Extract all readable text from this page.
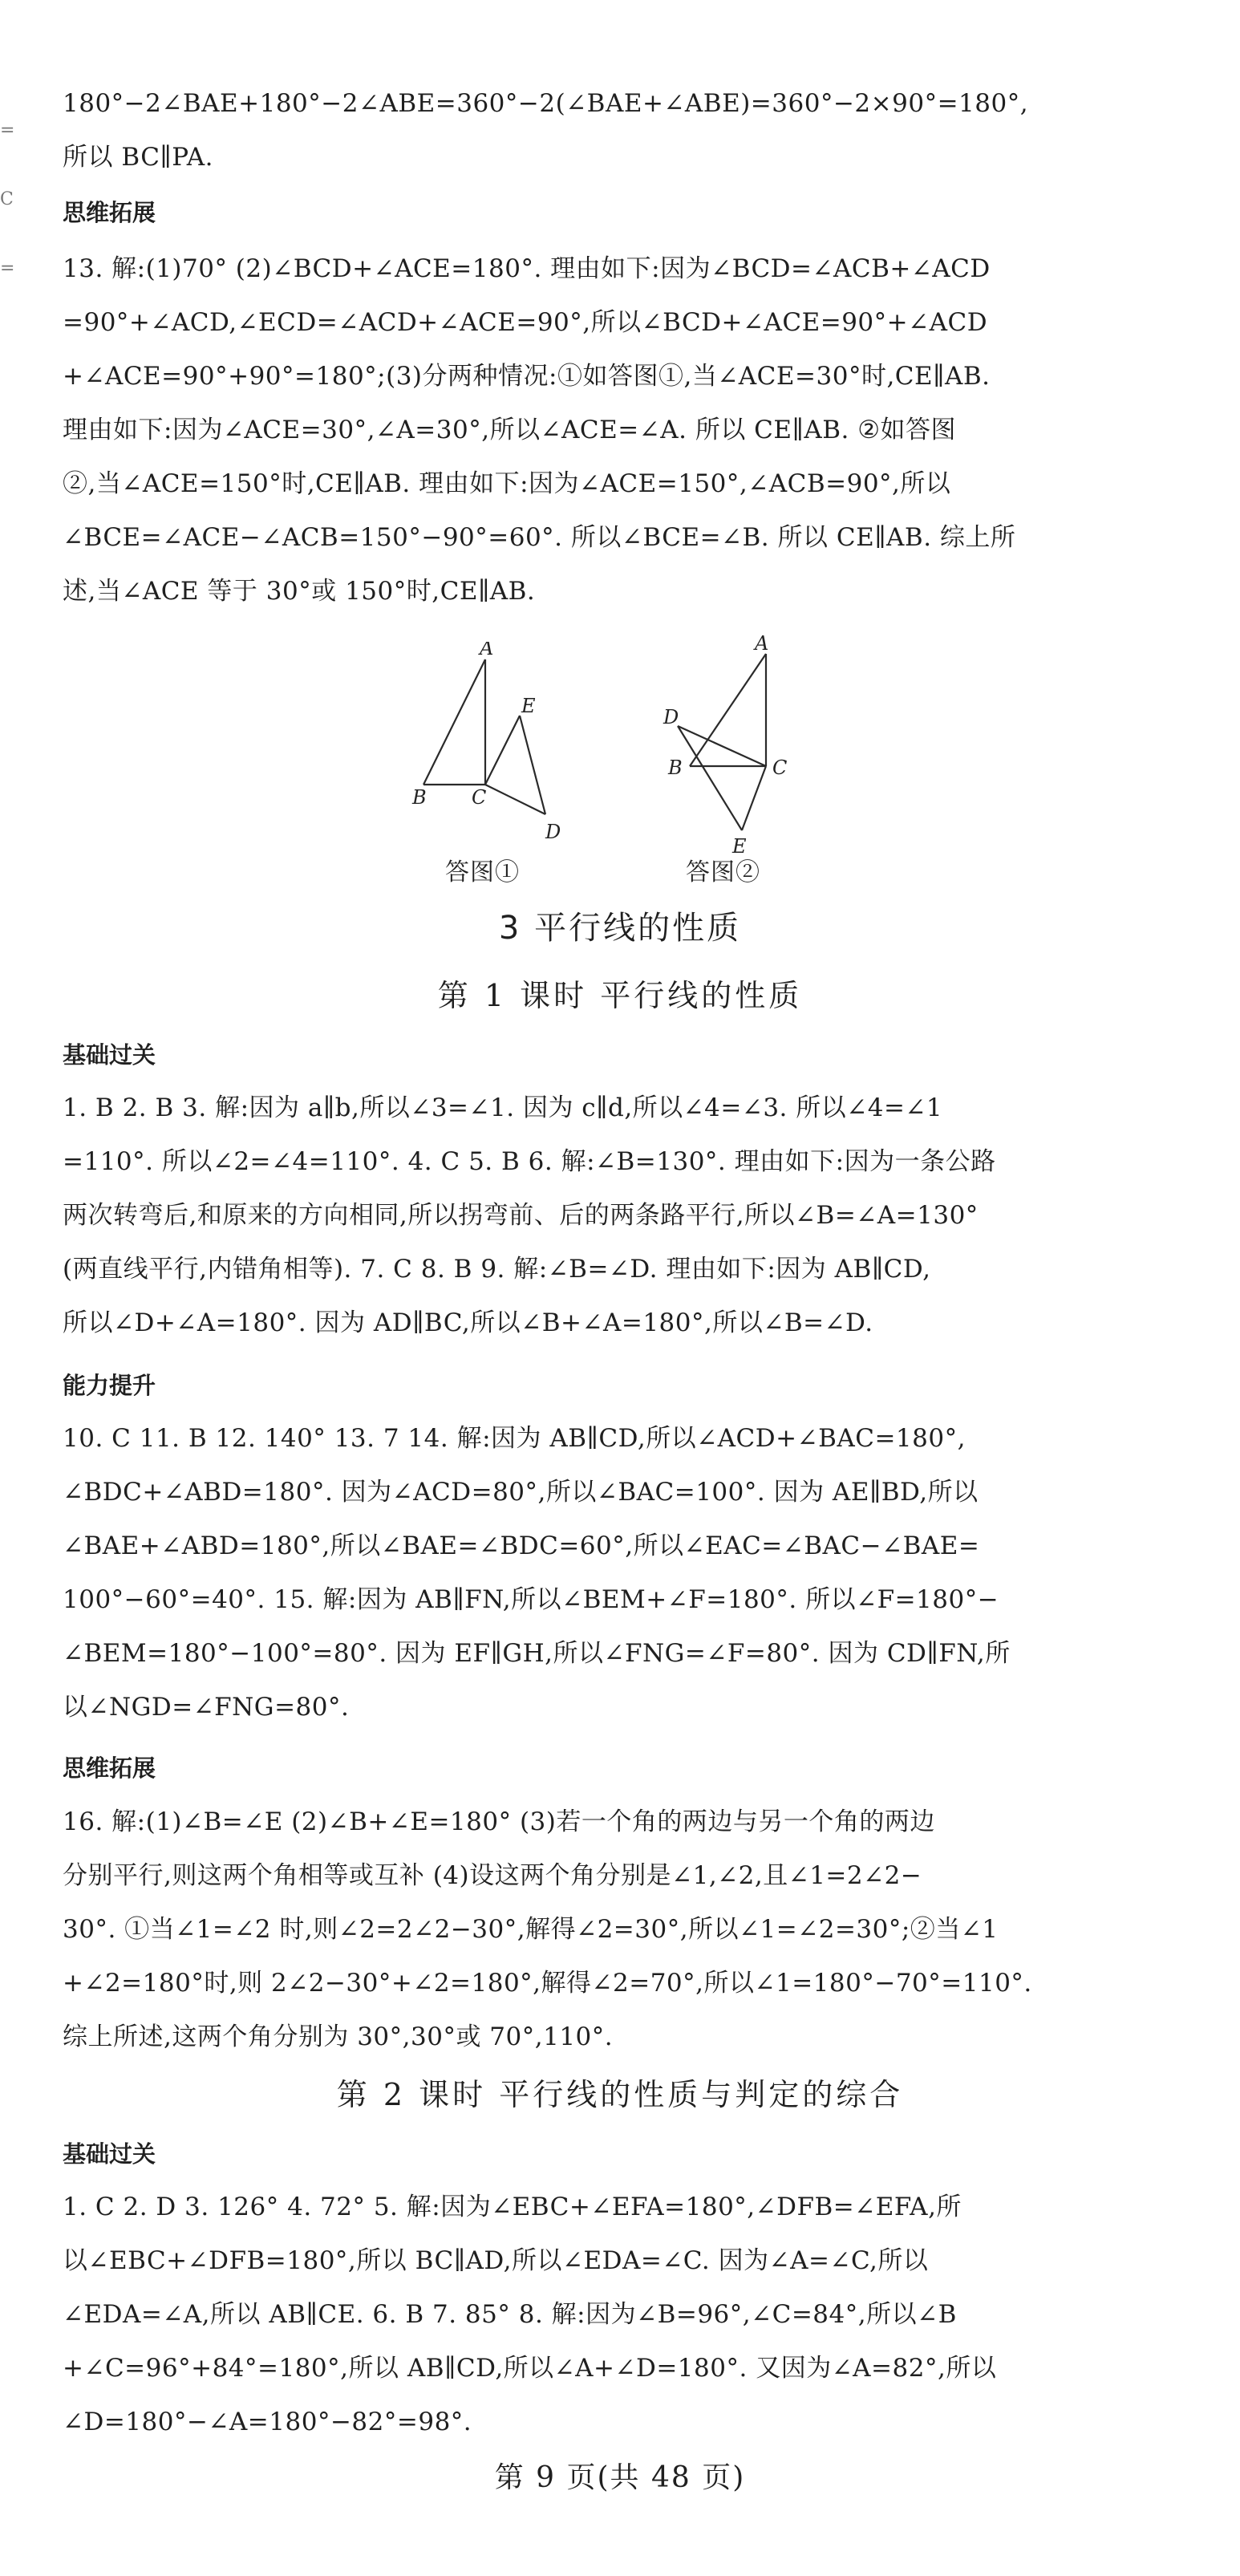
=
C
=
180°−2∠BAE+180°−2∠ABE=360°−2(∠BAE+∠ABE)=360°−2×90°=180°,
所以 BC∥PA.
思维拓展
13. 解:(1)70° (2)∠BCD+∠ACE=180°. 理由如下:因为∠BCD=∠ACB+∠ACD
=90°+∠ACD,∠ECD=∠ACD+∠ACE=90°,所以∠BCD+∠ACE=90°+∠ACD
+∠ACE=90°+90°=180°;(3)分两种情况:①如答图①,当∠ACE=30°时,CE∥AB.
理由如下:因为∠ACE=30°,∠A=30°,所以∠ACE=∠A. 所以 CE∥AB. ②如答图
②,当∠ACE=150°时,CE∥AB. 理由如下:因为∠ACE=150°,∠ACB=90°,所以
∠BCE=∠ACE−∠ACB=150°−90°=60°. 所以∠BCE=∠B. 所以 CE∥AB. 综上所
述,当∠ACE 等于 30°或 150°时,CE∥AB.
A
E
B C
D
答图①
A
D
B	C
E
答图②
3 平行线的性质
第 1 课时 平行线的性质
基础过关
1. B 2. B 3. 解:因为 a∥b,所以∠3=∠1. 因为 c∥d,所以∠4=∠3. 所以∠4=∠1
=110°. 所以∠2=∠4=110°. 4. C 5. B 6. 解:∠B=130°. 理由如下:因为一条公路
两次转弯后,和原来的方向相同,所以拐弯前、后的两条路平行,所以∠B=∠A=130°
(两直线平行,内错角相等). 7. C 8. B 9. 解:∠B=∠D. 理由如下:因为 AB∥CD,
所以∠D+∠A=180°. 因为 AD∥BC,所以∠B+∠A=180°,所以∠B=∠D.
能力提升
10. C 11. B 12. 140° 13. 7 14. 解:因为 AB∥CD,所以∠ACD+∠BAC=180°,
∠BDC+∠ABD=180°. 因为∠ACD=80°,所以∠BAC=100°. 因为 AE∥BD,所以
∠BAE+∠ABD=180°,所以∠BAE=∠BDC=60°,所以∠EAC=∠BAC−∠BAE=
100°−60°=40°. 15. 解:因为 AB∥FN,所以∠BEM+∠F=180°. 所以∠F=180°−
∠BEM=180°−100°=80°. 因为 EF∥GH,所以∠FNG=∠F=80°. 因为 CD∥FN,所
以∠NGD=∠FNG=80°.
思维拓展
16. 解:(1)∠B=∠E (2)∠B+∠E=180° (3)若一个角的两边与另一个角的两边
分别平行,则这两个角相等或互补 (4)设这两个角分别是∠1,∠2,且∠1=2∠2−
30°. ①当∠1=∠2 时,则∠2=2∠2−30°,解得∠2=30°,所以∠1=∠2=30°;②当∠1
+∠2=180°时,则 2∠2−30°+∠2=180°,解得∠2=70°,所以∠1=180°−70°=110°.
综上所述,这两个角分别为 30°,30°或 70°,110°.
第 2 课时 平行线的性质与判定的综合
基础过关
1. C 2. D 3. 126° 4. 72° 5. 解:因为∠EBC+∠EFA=180°,∠DFB=∠EFA,所
以∠EBC+∠DFB=180°,所以 BC∥AD,所以∠EDA=∠C. 因为∠A=∠C,所以
∠EDA=∠A,所以 AB∥CE. 6. B 7. 85° 8. 解:因为∠B=96°,∠C=84°,所以∠B
+∠C=96°+84°=180°,所以 AB∥CD,所以∠A+∠D=180°. 又因为∠A=82°,所以
∠D=180°−∠A=180°−82°=98°.
第 9 页(共 48 页)
